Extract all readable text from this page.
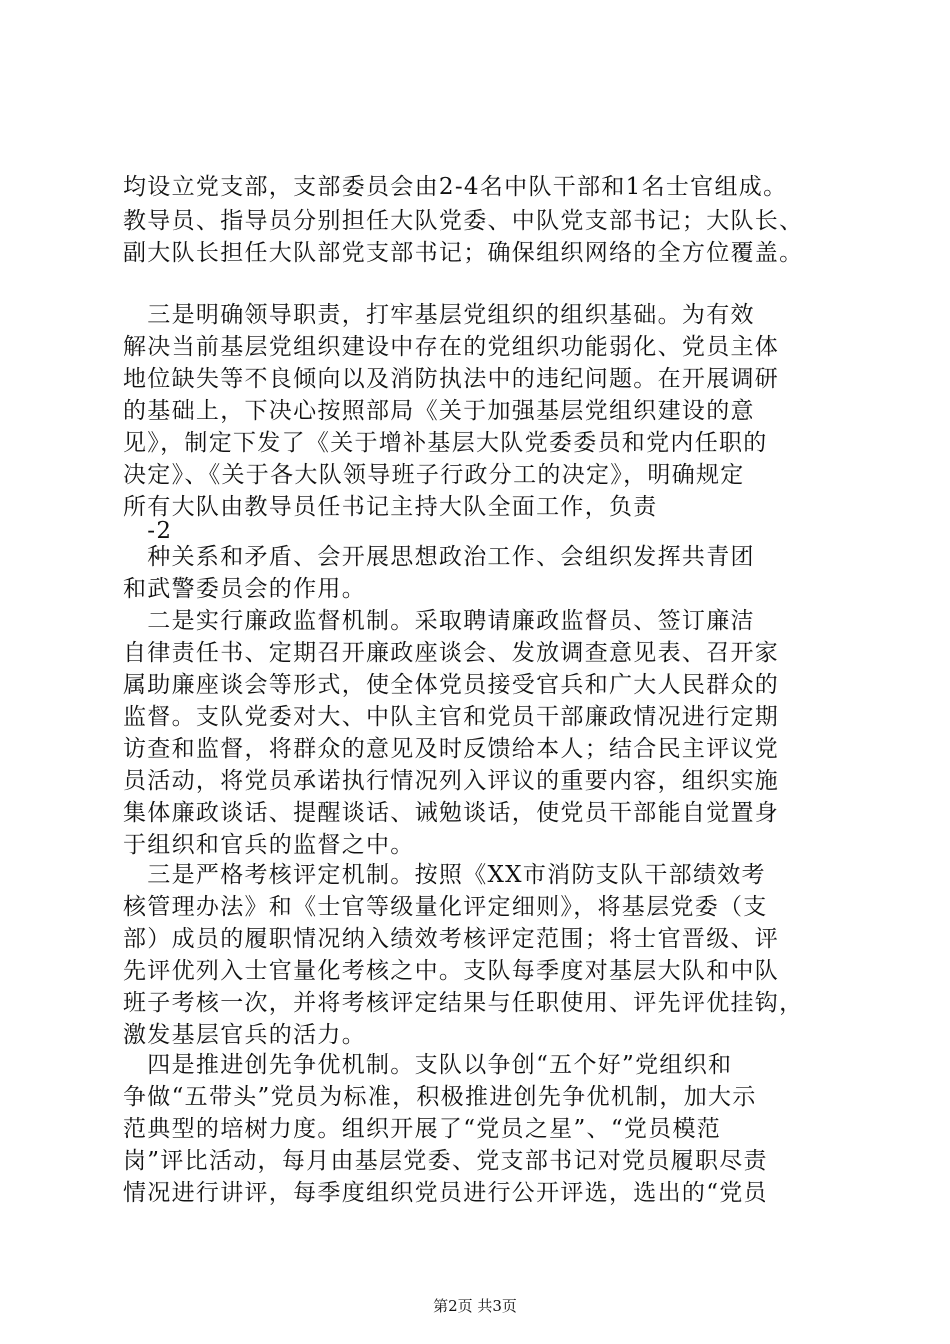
均设立党支部，支部委员会由2-4名中队干部和1名士官组成。
教导员、指导员分别担任大队党委、中队党支部书记；大队长、
副大队长担任大队部党支部书记；确保组织网络的全方位覆盖。
　三是明确领导职责，打牢基层党组织的组织基础。为有效
解决当前基层党组织建设中存在的党组织功能弱化、党员主体
地位缺失等不良倾向以及消防执法中的违纪问题。在开展调研
的基础上，下决心按照部局《关于加强基层党组织建设的意
见》，制定下发了《关于增补基层大队党委委员和党内任职的
决定》、《关于各大队领导班子行政分工的决定》，明确规定
所有大队由教导员任书记主持大队全面工作，负责
　-2
　种关系和矛盾、会开展思想政治工作、会组织发挥共青团
和武警委员会的作用。
　二是实行廉政监督机制。采取聘请廉政监督员、签订廉洁
自律责任书、定期召开廉政座谈会、发放调查意见表、召开家
属助廉座谈会等形式，使全体党员接受官兵和广大人民群众的
监督。支队党委对大、中队主官和党员干部廉政情况进行定期
访查和监督，将群众的意见及时反馈给本人；结合民主评议党
员活动，将党员承诺执行情况列入评议的重要内容，组织实施
集体廉政谈话、提醒谈话、诫勉谈话，使党员干部能自觉置身
于组织和官兵的监督之中。
　三是严格考核评定机制。按照《XX市消防支队干部绩效考
核管理办法》和《士官等级量化评定细则》，将基层党委（支
部）成员的履职情况纳入绩效考核评定范围；将士官晋级、评
先评优列入士官量化考核之中。支队每季度对基层大队和中队
班子考核一次，并将考核评定结果与任职使用、评先评优挂钩，
激发基层官兵的活力。
　四是推进创先争优机制。支队以争创“五个好”党组织和
争做“五带头”党员为标准，积极推进创先争优机制，加大示
范典型的培树力度。组织开展了“党员之星”、“党员模范
岗”评比活动，每月由基层党委、党支部书记对党员履职尽责
情况进行讲评，每季度组织党员进行公开评选，选出的“党员
第2页 共3页
